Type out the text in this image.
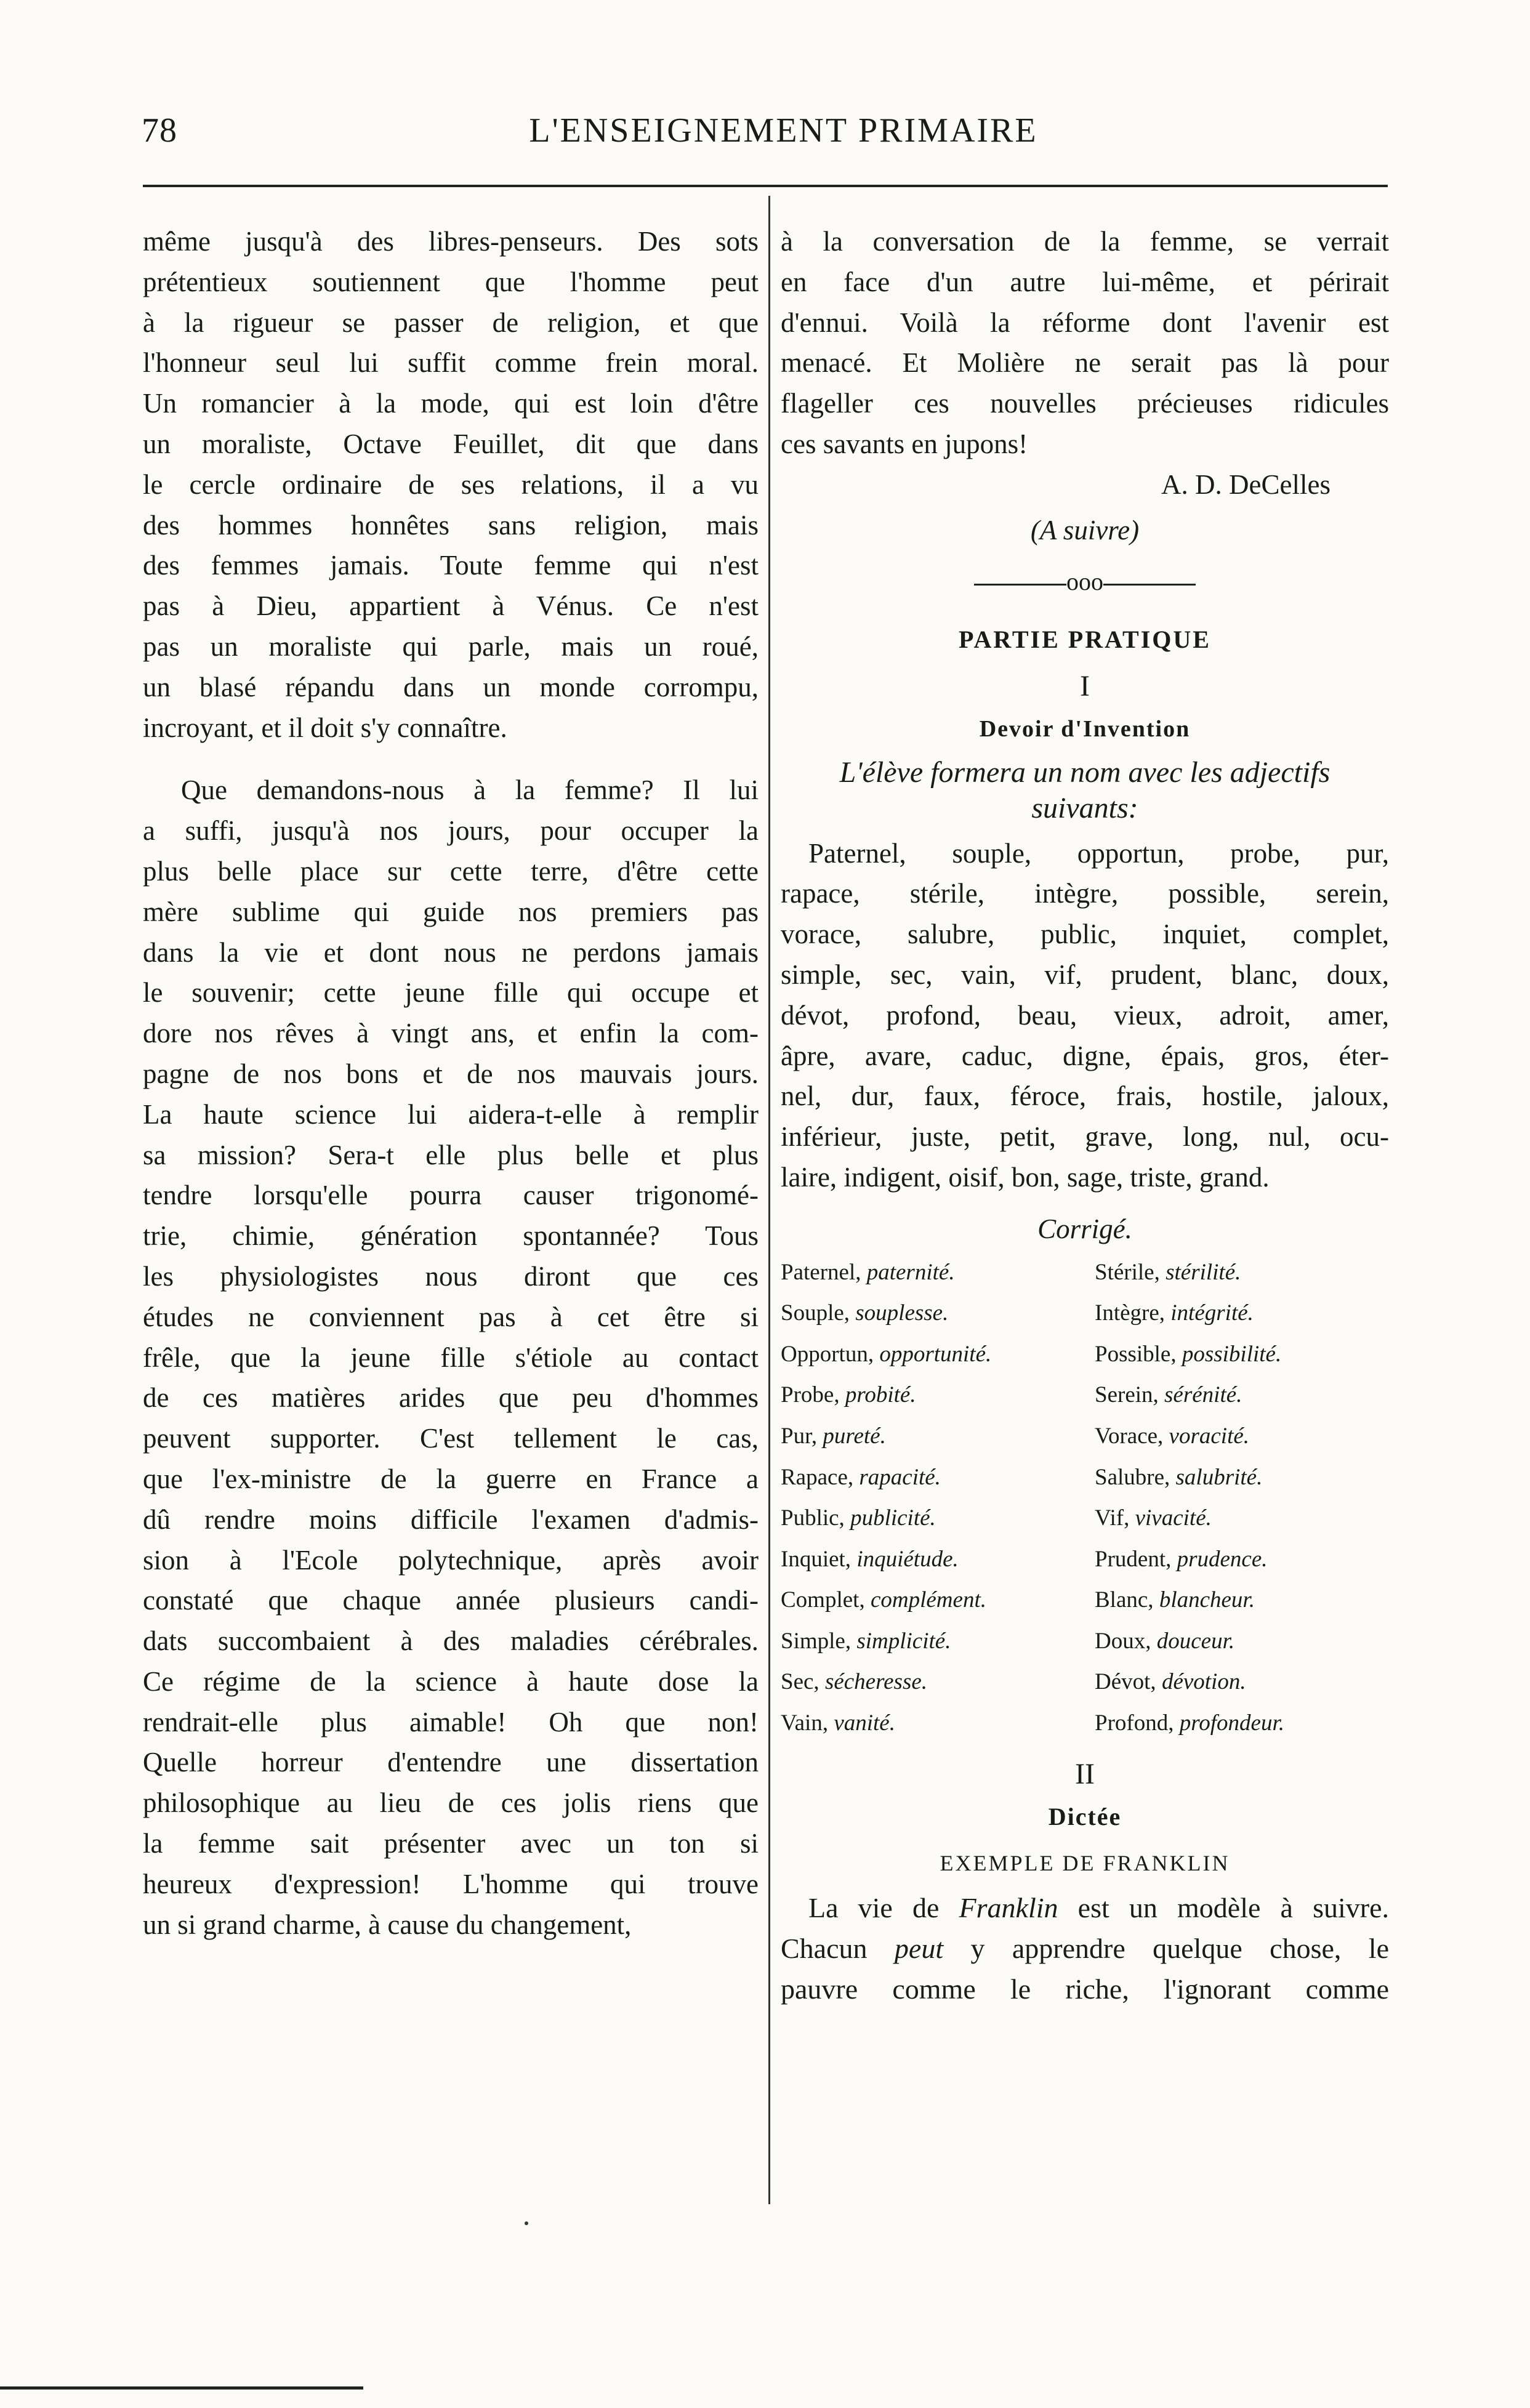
78	L'ENSEIGNEMENT PRIMAIRE

même jusqu'à des libres-penseurs. Des sots
prétentieux soutiennent que l'homme peut
à la rigueur se passer de religion, et que
l'honneur seul lui suffit comme frein moral.
Un romancier à la mode, qui est loin d'être
un moraliste, Octave Feuillet, dit que dans
le cercle ordinaire de ses relations, il a vu
des hommes honnêtes sans religion, mais
des femmes jamais. Toute femme qui n'est
pas à Dieu, appartient à Vénus. Ce n'est
pas un moraliste qui parle, mais un roué,
un blasé répandu dans un monde corrompu,
incroyant, et il doit s'y connaître.

Que demandons-nous à la femme? Il lui
a suffi, jusqu'à nos jours, pour occuper la
plus belle place sur cette terre, d'être cette
mère sublime qui guide nos premiers pas
dans la vie et dont nous ne perdons jamais
le souvenir; cette jeune fille qui occupe et
dore nos rêves à vingt ans, et enfin la com-
pagne de nos bons et de nos mauvais jours.
La haute science lui aidera-t-elle à remplir
sa mission? Sera-t elle plus belle et plus
tendre lorsqu'elle pourra causer trigonomé-
trie, chimie, génération spontannée? Tous
les physiologistes nous diront que ces
études ne conviennent pas à cet être si
frêle, que la jeune fille s'étiole au contact
de ces matières arides que peu d'hommes
peuvent supporter. C'est tellement le cas,
que l'ex-ministre de la guerre en France a
dû rendre moins difficile l'examen d'admis-
sion à l'Ecole polytechnique, après avoir
constaté que chaque année plusieurs candi-
dats succombaient à des maladies cérébrales.
Ce régime de la science à haute dose la
rendrait-elle plus aimable! Oh que non!
Quelle horreur d'entendre une dissertation
philosophique au lieu de ces jolis riens que
la femme sait présenter avec un ton si
heureux d'expression! L'homme qui trouve
un si grand charme, à cause du changement,

à la conversation de la femme, se verrait
en face d'un autre lui-même, et périrait
d'ennui. Voilà la réforme dont l'avenir est
menacé. Et Molière ne serait pas là pour
flageller ces nouvelles précieuses ridicules
ces savants en jupons!

A. D. DeCelles
(A suivre)
ooo
PARTIE PRATIQUE
I
Devoir d'Invention
L'élève formera un nom avec les adjectifs
suivants:

Paternel, souple, opportun, probe, pur,
rapace, stérile, intègre, possible, serein,
vorace, salubre, public, inquiet, complet,
simple, sec, vain, vif, prudent, blanc, doux,
dévot, profond, beau, vieux, adroit, amer,
âpre, avare, caduc, digne, épais, gros, éter-
nel, dur, faux, féroce, frais, hostile, jaloux,
inférieur, juste, petit, grave, long, nul, ocu-
laire, indigent, oisif, bon, sage, triste, grand.

Corrigé.
Paternel, paternité.	Stérile, stérilité.
Souple, souplesse.	Intègre, intégrité.
Opportun, opportunité.	Possible, possibilité.
Probe, probité.	Serein, sérénité.
Pur, pureté.	Vorace, voracité.
Rapace, rapacité.	Salubre, salubrité.
Public, publicité.	Vif, vivacité.
Inquiet, inquiétude.	Prudent, prudence.
Complet, complément.	Blanc, blancheur.
Simple, simplicité.	Doux, douceur.
Sec, sécheresse.	Dévot, dévotion.
Vain, vanité.	Profond, profondeur.
II
Dictée
EXEMPLE DE FRANKLIN

La vie de Franklin est un modèle à suivre.
Chacun peut y apprendre quelque chose, le
pauvre comme le riche, l'ignorant comme
